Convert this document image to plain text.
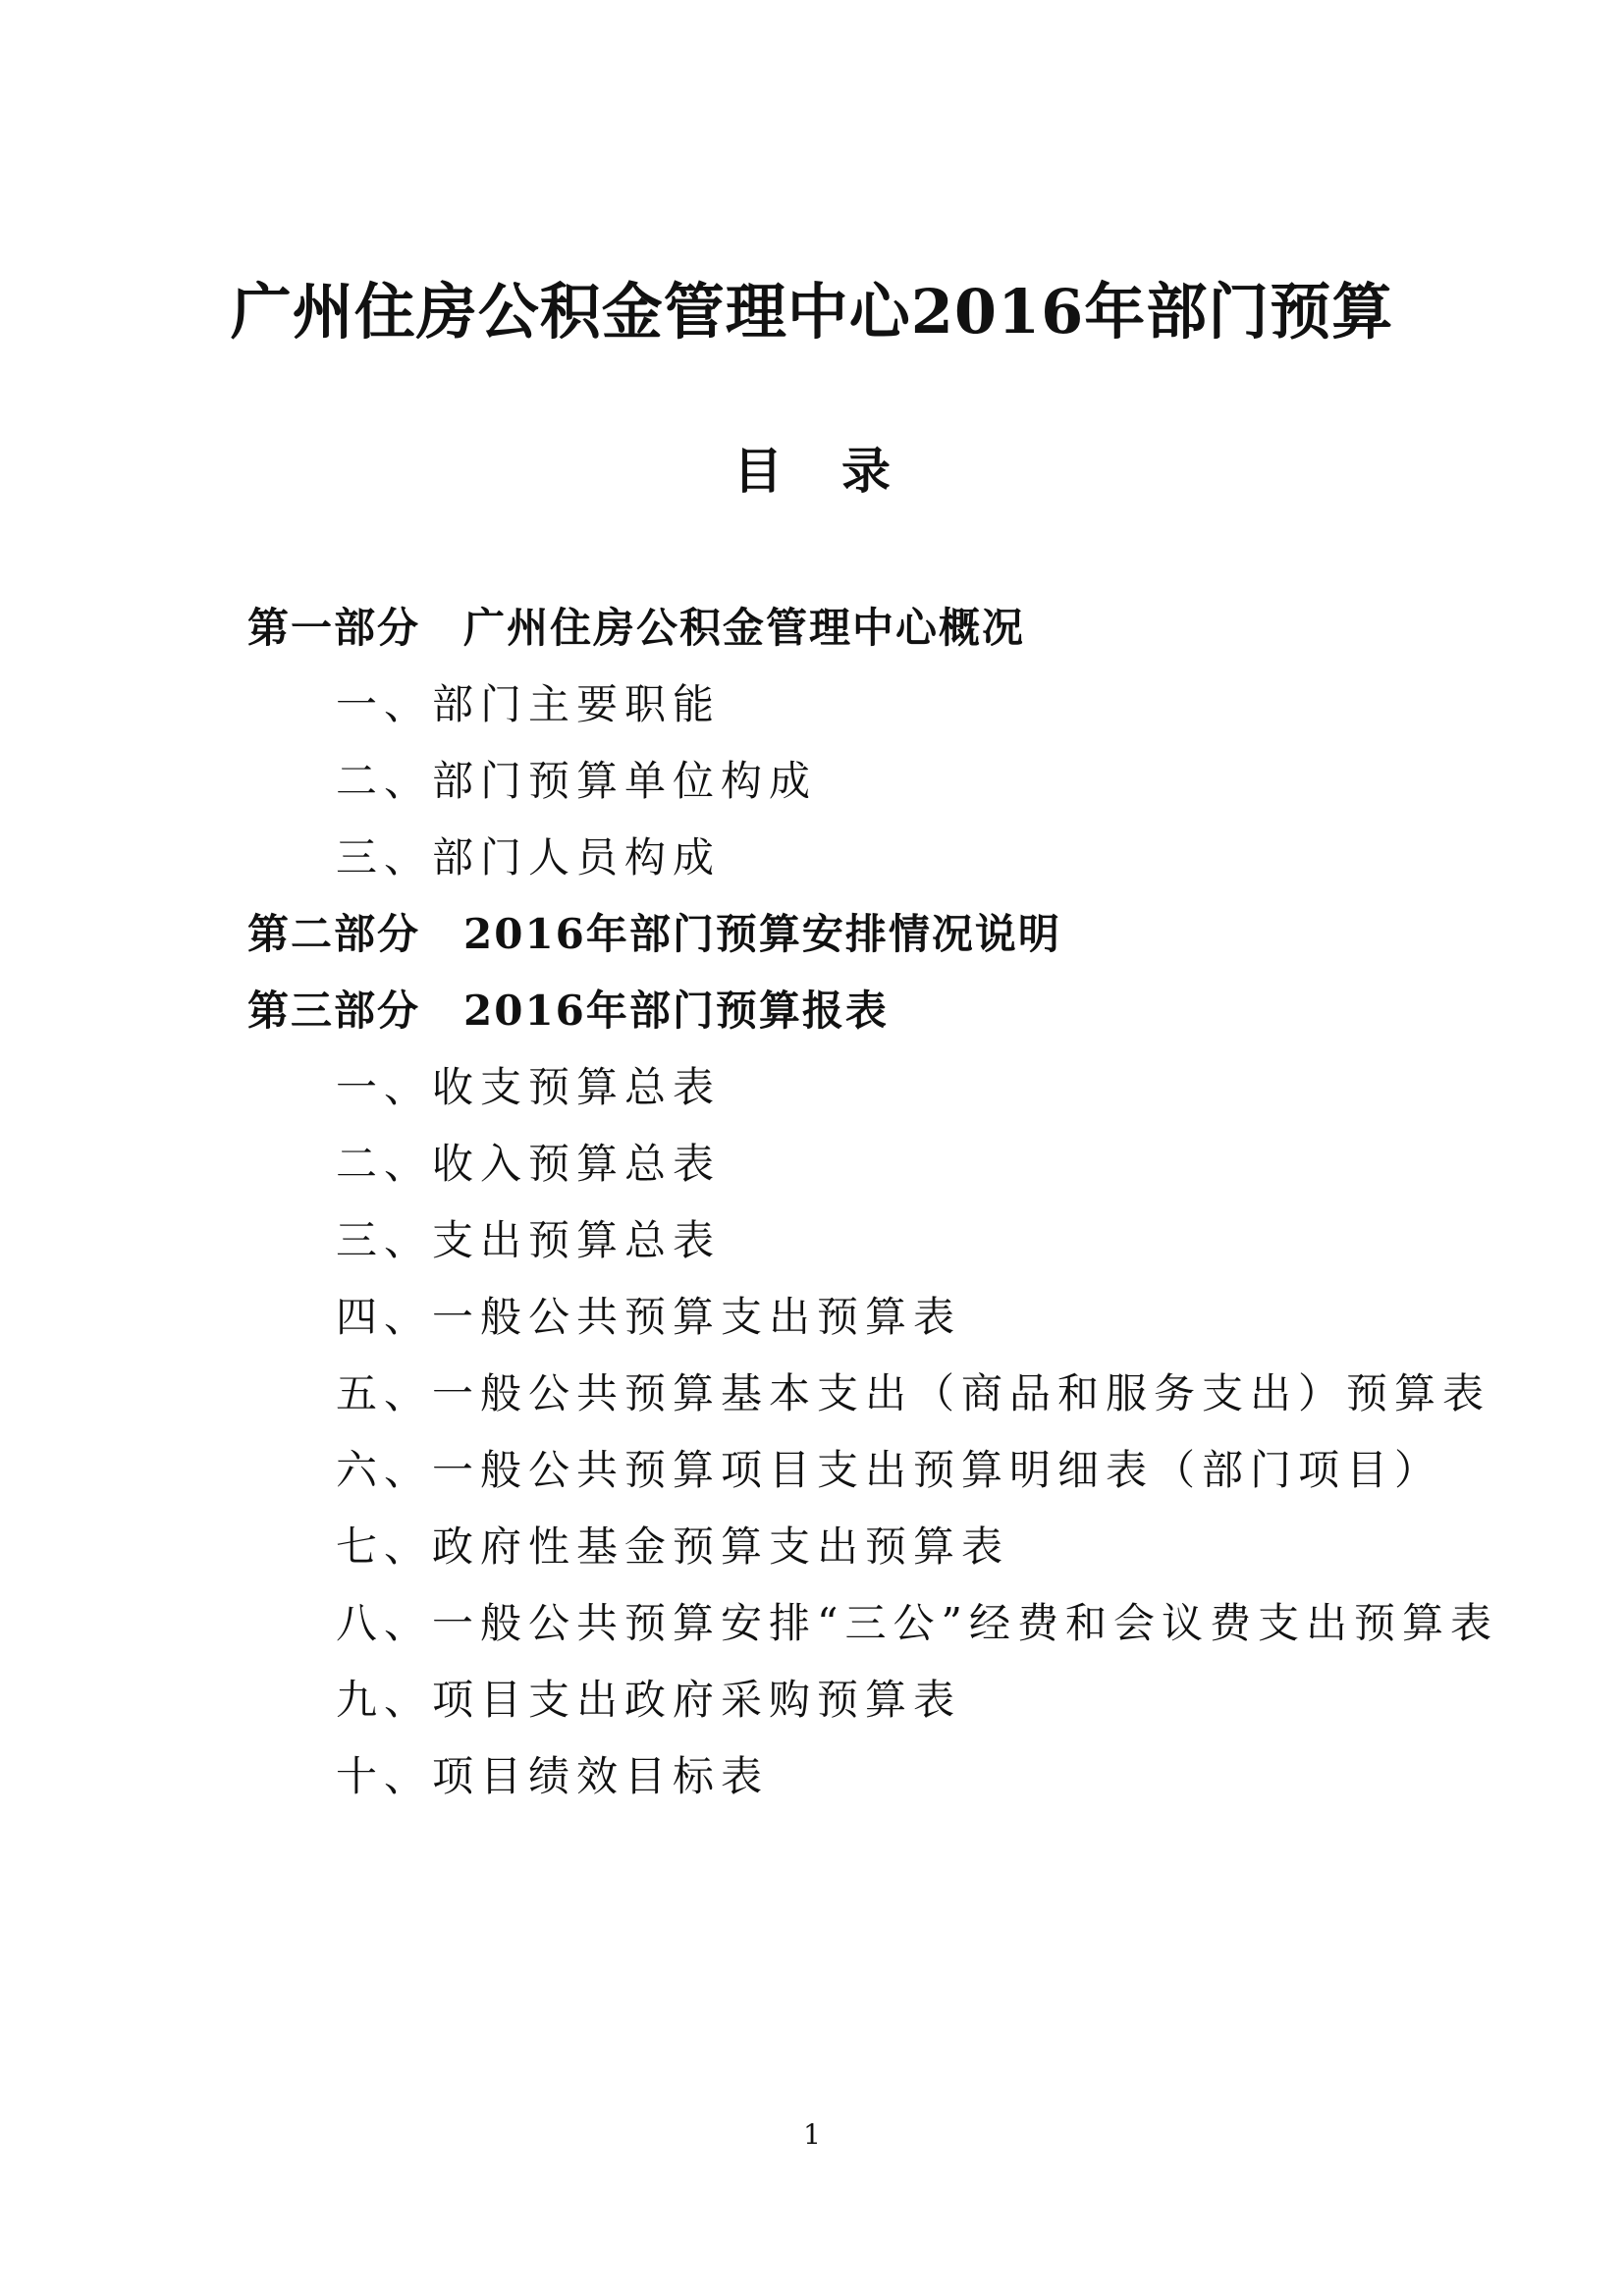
广州住房公积金管理中心2016年部门预算
目录
第一部分 广州住房公积金管理中心概况
一、部门主要职能
二、部门预算单位构成
三、部门人员构成
第二部分 2016年部门预算安排情况说明
第三部分 2016年部门预算报表
一、收支预算总表
二、收入预算总表
三、支出预算总表
四、一般公共预算支出预算表
五、一般公共预算基本支出（商品和服务支出）预算表
六、一般公共预算项目支出预算明细表（部门项目）
七、政府性基金预算支出预算表
八、一般公共预算安排“三公”经费和会议费支出预算表
九、项目支出政府采购预算表
十、项目绩效目标表
1
